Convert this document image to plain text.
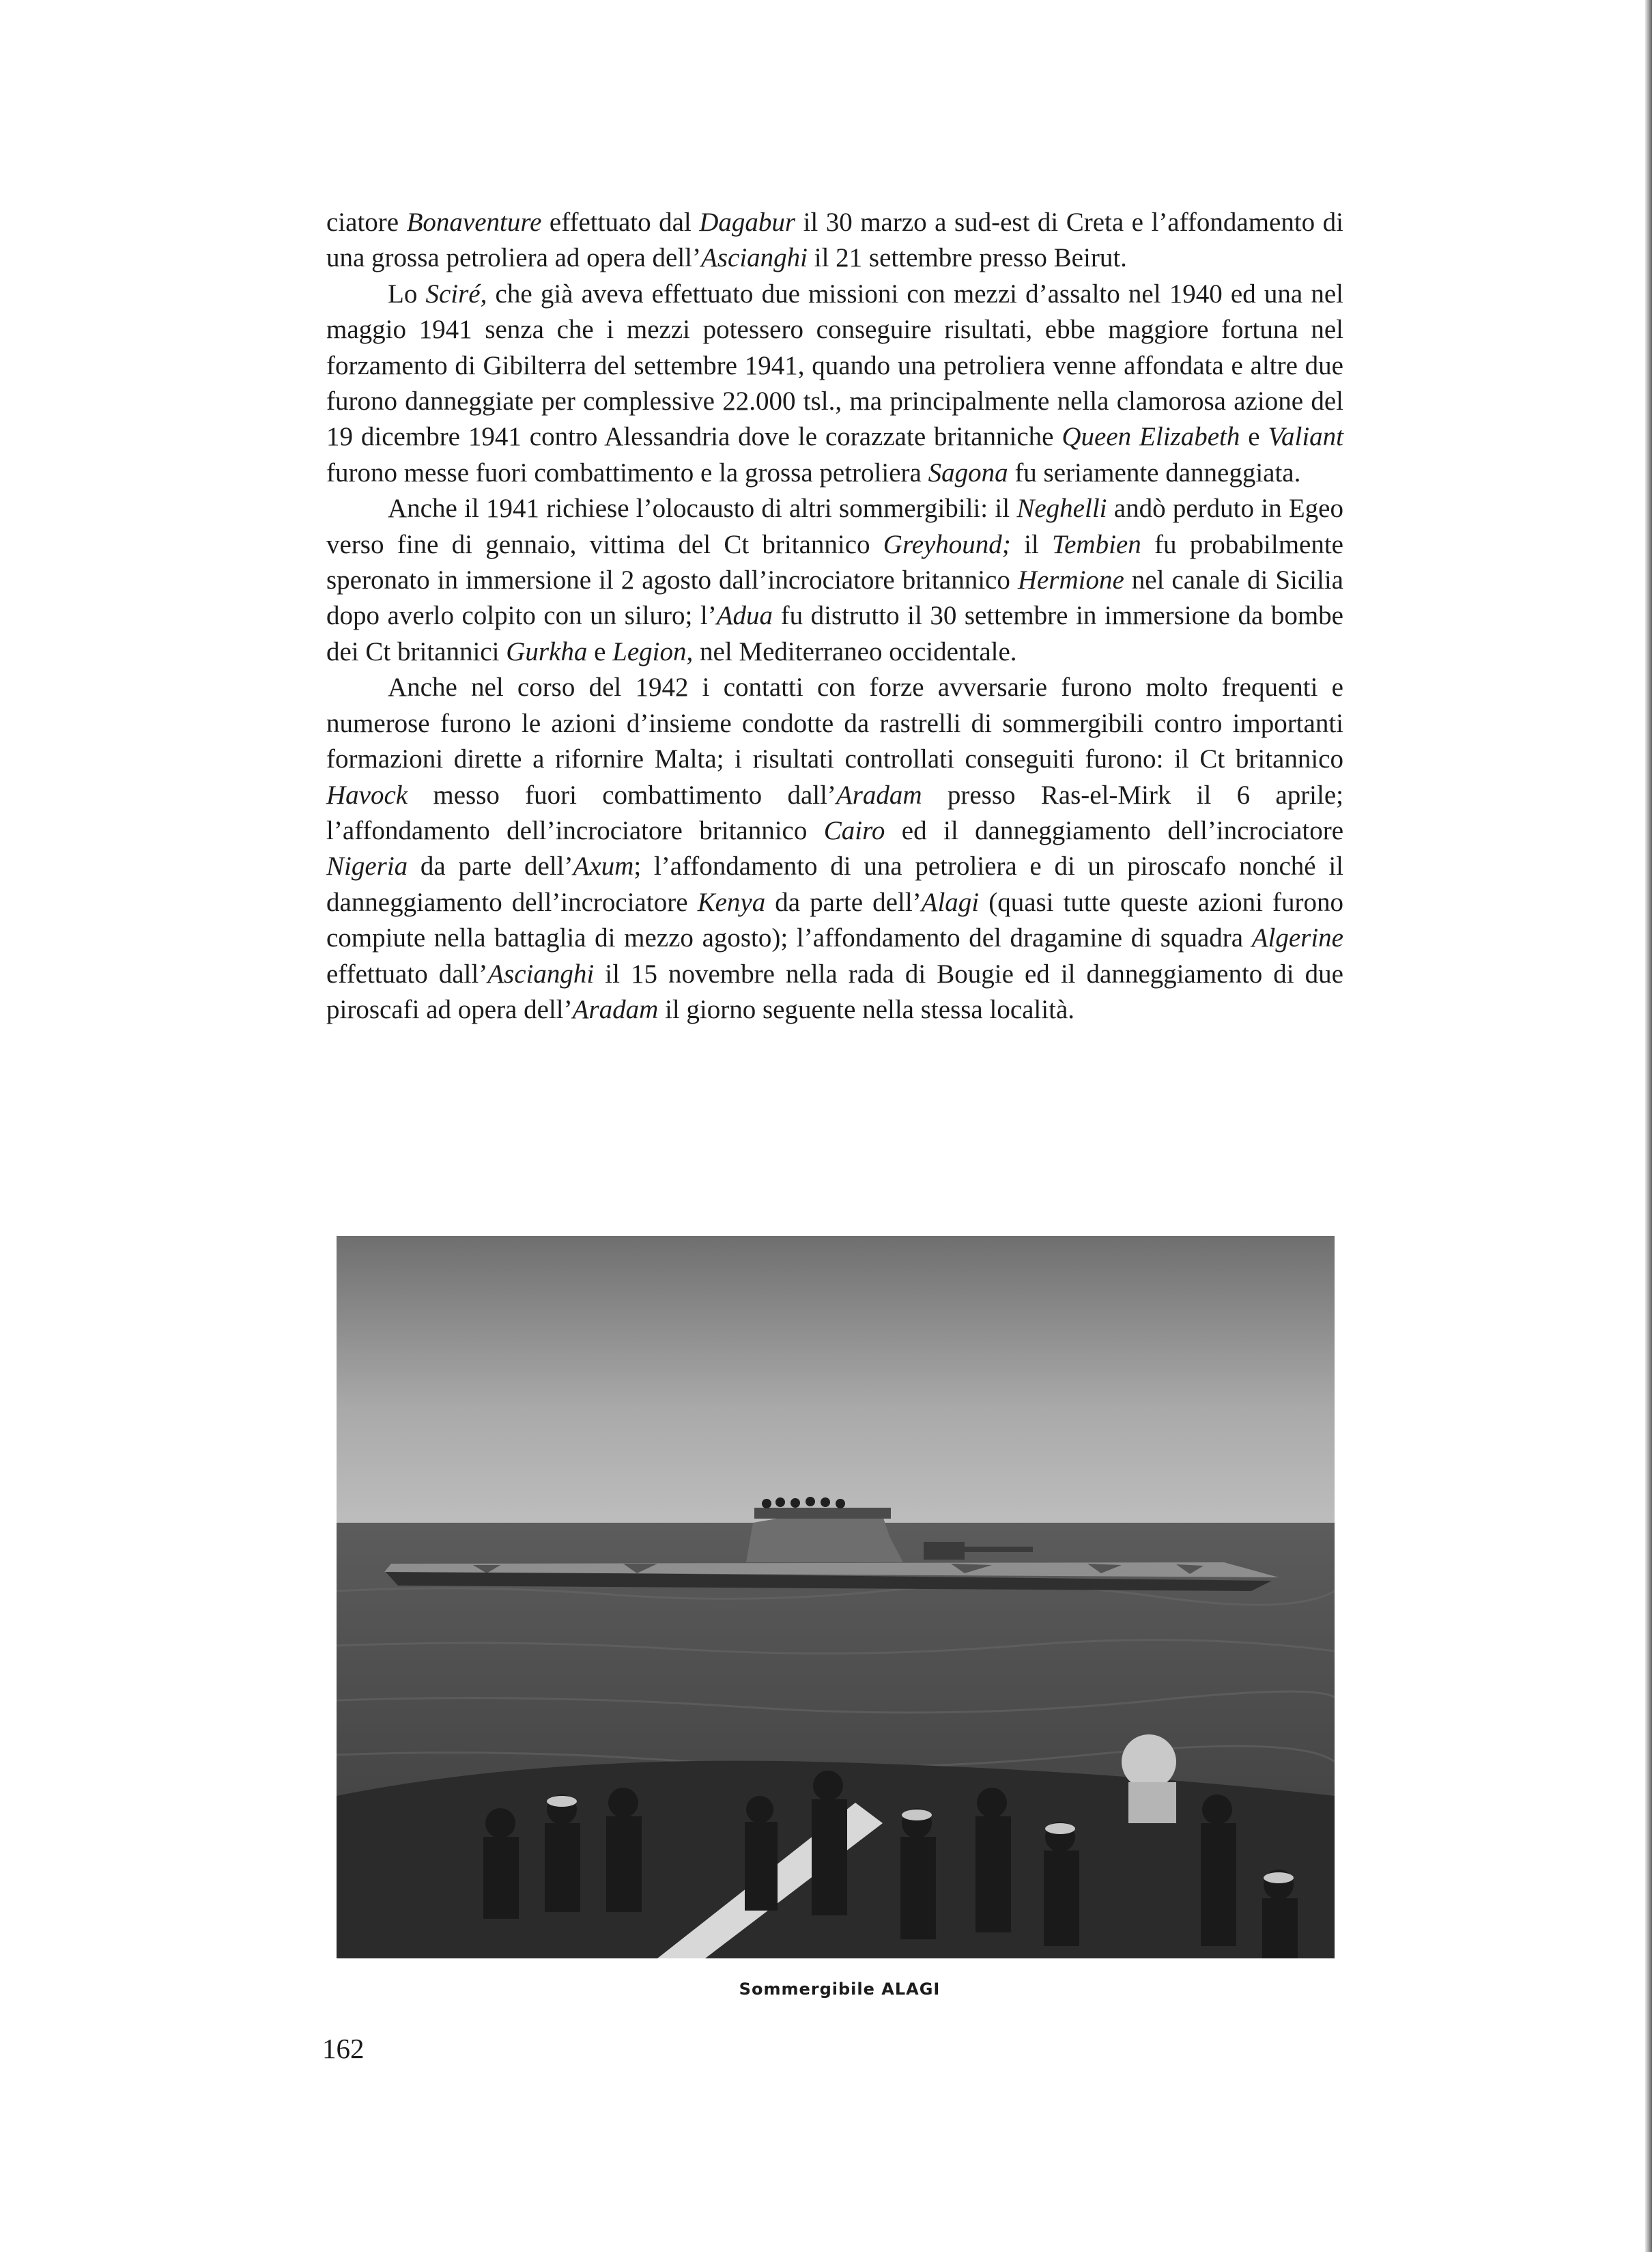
ciatore Bonaventure effettuato dal Dagabur il 30 marzo a sud-est di Creta e l’affondamento di una grossa petroliera ad opera dell’Ascianghi il 21 settembre presso Beirut.

Lo Sciré, che già aveva effettuato due missioni con mezzi d’assalto nel 1940 ed una nel maggio 1941 senza che i mezzi potessero conseguire risultati, ebbe maggiore fortuna nel forzamento di Gibilterra del settembre 1941, quando una petroliera venne affondata e altre due furono danneggiate per complessive 22.000 tsl., ma principalmente nella clamorosa azione del 19 dicembre 1941 contro Alessandria dove le corazzate britanniche Queen Elizabeth e Valiant furono messe fuori combattimento e la grossa petroliera Sagona fu seriamente danneggiata.

Anche il 1941 richiese l’olocausto di altri sommergibili: il Neghelli andò perduto in Egeo verso fine di gennaio, vittima del Ct britannico Greyhound; il Tembien fu probabilmente speronato in immersione il 2 agosto dall’incrociatore britannico Hermione nel canale di Sicilia dopo averlo colpito con un siluro; l’Adua fu distrutto il 30 settembre in immersione da bombe dei Ct britannici Gurkha e Legion, nel Mediterraneo occidentale.

Anche nel corso del 1942 i contatti con forze avversarie furono molto frequenti e numerose furono le azioni d’insieme condotte da rastrelli di sommergibili contro importanti formazioni dirette a rifornire Malta; i risultati controllati conseguiti furono: il Ct britannico Havock messo fuori combattimento dall’Aradam presso Ras-el-Mirk il 6 aprile; l’affondamento dell’incrociatore britannico Cairo ed il danneggiamento dell’incrociatore Nigeria da parte dell’Axum; l’affondamento di una petroliera e di un piroscafo nonché il danneggiamento dell’incrociatore Kenya da parte dell’Alagi (quasi tutte queste azioni furono compiute nella battaglia di mezzo agosto); l’affondamento del dragamine di squadra Algerine effettuato dall’Ascianghi il 15 novembre nella rada di Bougie ed il danneggiamento di due piroscafi ad opera dell’Aradam il giorno seguente nella stessa località.

Sommergibile ALAGI
162
